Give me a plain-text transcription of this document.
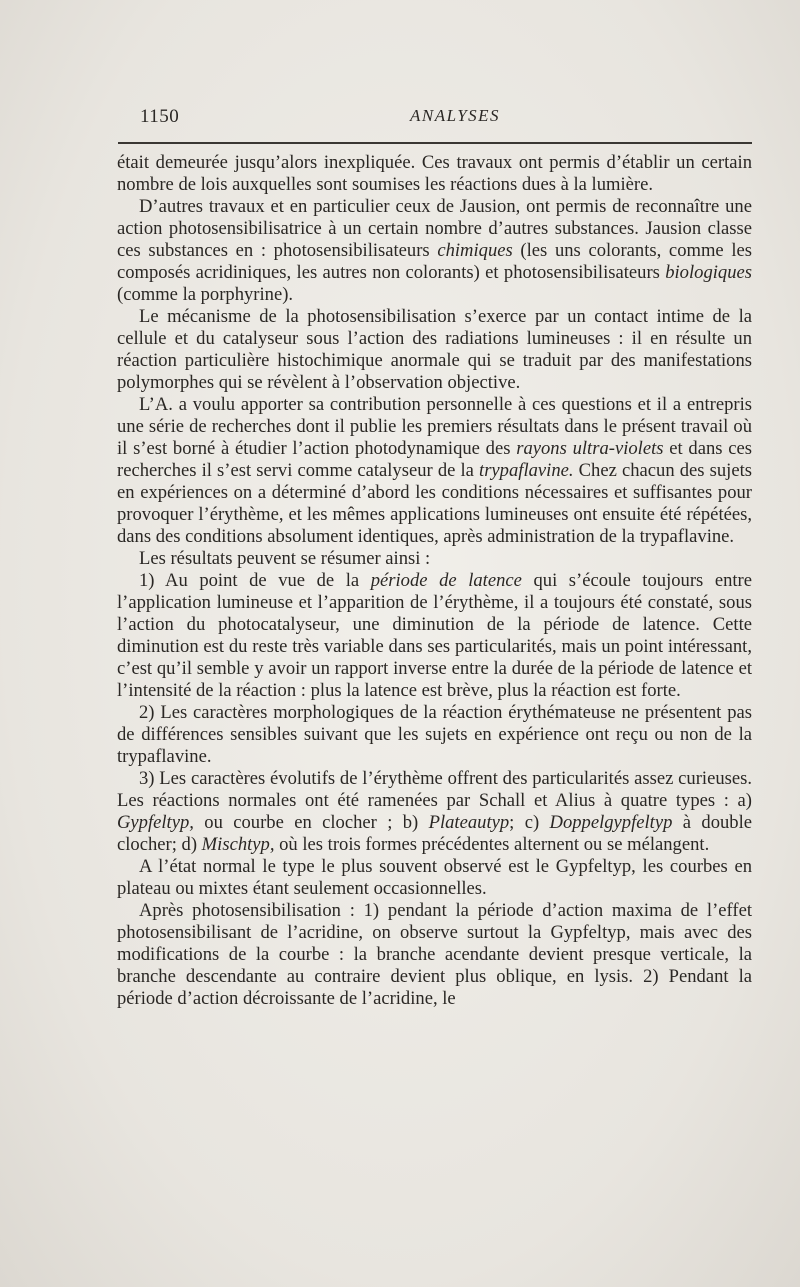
1150	ANALYSES

était demeurée jusqu’alors inexpliquée. Ces travaux ont permis d’établir un certain nombre de lois auxquelles sont soumises les réactions dues à la lumière.

D’autres travaux et en particulier ceux de Jausion, ont permis de reconnaître une action photosensibilisatrice à un certain nombre d’autres substances. Jausion classe ces substances en : photosensibilisateurs chimiques (les uns colorants, comme les composés acridiniques, les autres non colorants) et photosensibilisateurs biologiques (comme la porphyrine).

Le mécanisme de la photosensibilisation s’exerce par un contact intime de la cellule et du catalyseur sous l’action des radiations lumineuses : il en résulte un réaction particulière histochimique anormale qui se traduit par des manifestations polymorphes qui se révèlent à l’observation objective.

L’A. a voulu apporter sa contribution personnelle à ces questions et il a entrepris une série de recherches dont il publie les premiers résultats dans le présent travail où il s’est borné à étudier l’action photodynamique des rayons ultra-violets et dans ces recherches il s’est servi comme catalyseur de la trypaflavine. Chez chacun des sujets en expériences on a déterminé d’abord les conditions nécessaires et suffisantes pour provoquer l’érythème, et les mêmes applications lumineuses ont ensuite été répétées, dans des conditions absolument identiques, après administration de la trypaflavine.

Les résultats peuvent se résumer ainsi :

1) Au point de vue de la période de latence qui s’écoule toujours entre l’application lumineuse et l’apparition de l’érythème, il a toujours été constaté, sous l’action du photocatalyseur, une diminution de la période de latence. Cette diminution est du reste très variable dans ses particularités, mais un point intéressant, c’est qu’il semble y avoir un rapport inverse entre la durée de la période de latence et l’intensité de la réaction : plus la latence est brève, plus la réaction est forte.

2) Les caractères morphologiques de la réaction érythémateuse ne présentent pas de différences sensibles suivant que les sujets en expérience ont reçu ou non de la trypaflavine.

3) Les caractères évolutifs de l’érythème offrent des particularités assez curieuses. Les réactions normales ont été ramenées par Schall et Alius à quatre types : a) Gypfeltyp, ou courbe en clocher ; b) Plateautyp; c) Doppelgypfeltyp à double clocher; d) Mischtyp, où les trois formes précédentes alternent ou se mélangent.

A l’état normal le type le plus souvent observé est le Gypfeltyp, les courbes en plateau ou mixtes étant seulement occasionnelles.

Après photosensibilisation : 1) pendant la période d’action maxima de l’effet photosensibilisant de l’acridine, on observe surtout la Gypfeltyp, mais avec des modifications de la courbe : la branche acendante devient presque verticale, la branche descendante au contraire devient plus oblique, en lysis. 2) Pendant la période d’action décroissante de l’acridine, le
